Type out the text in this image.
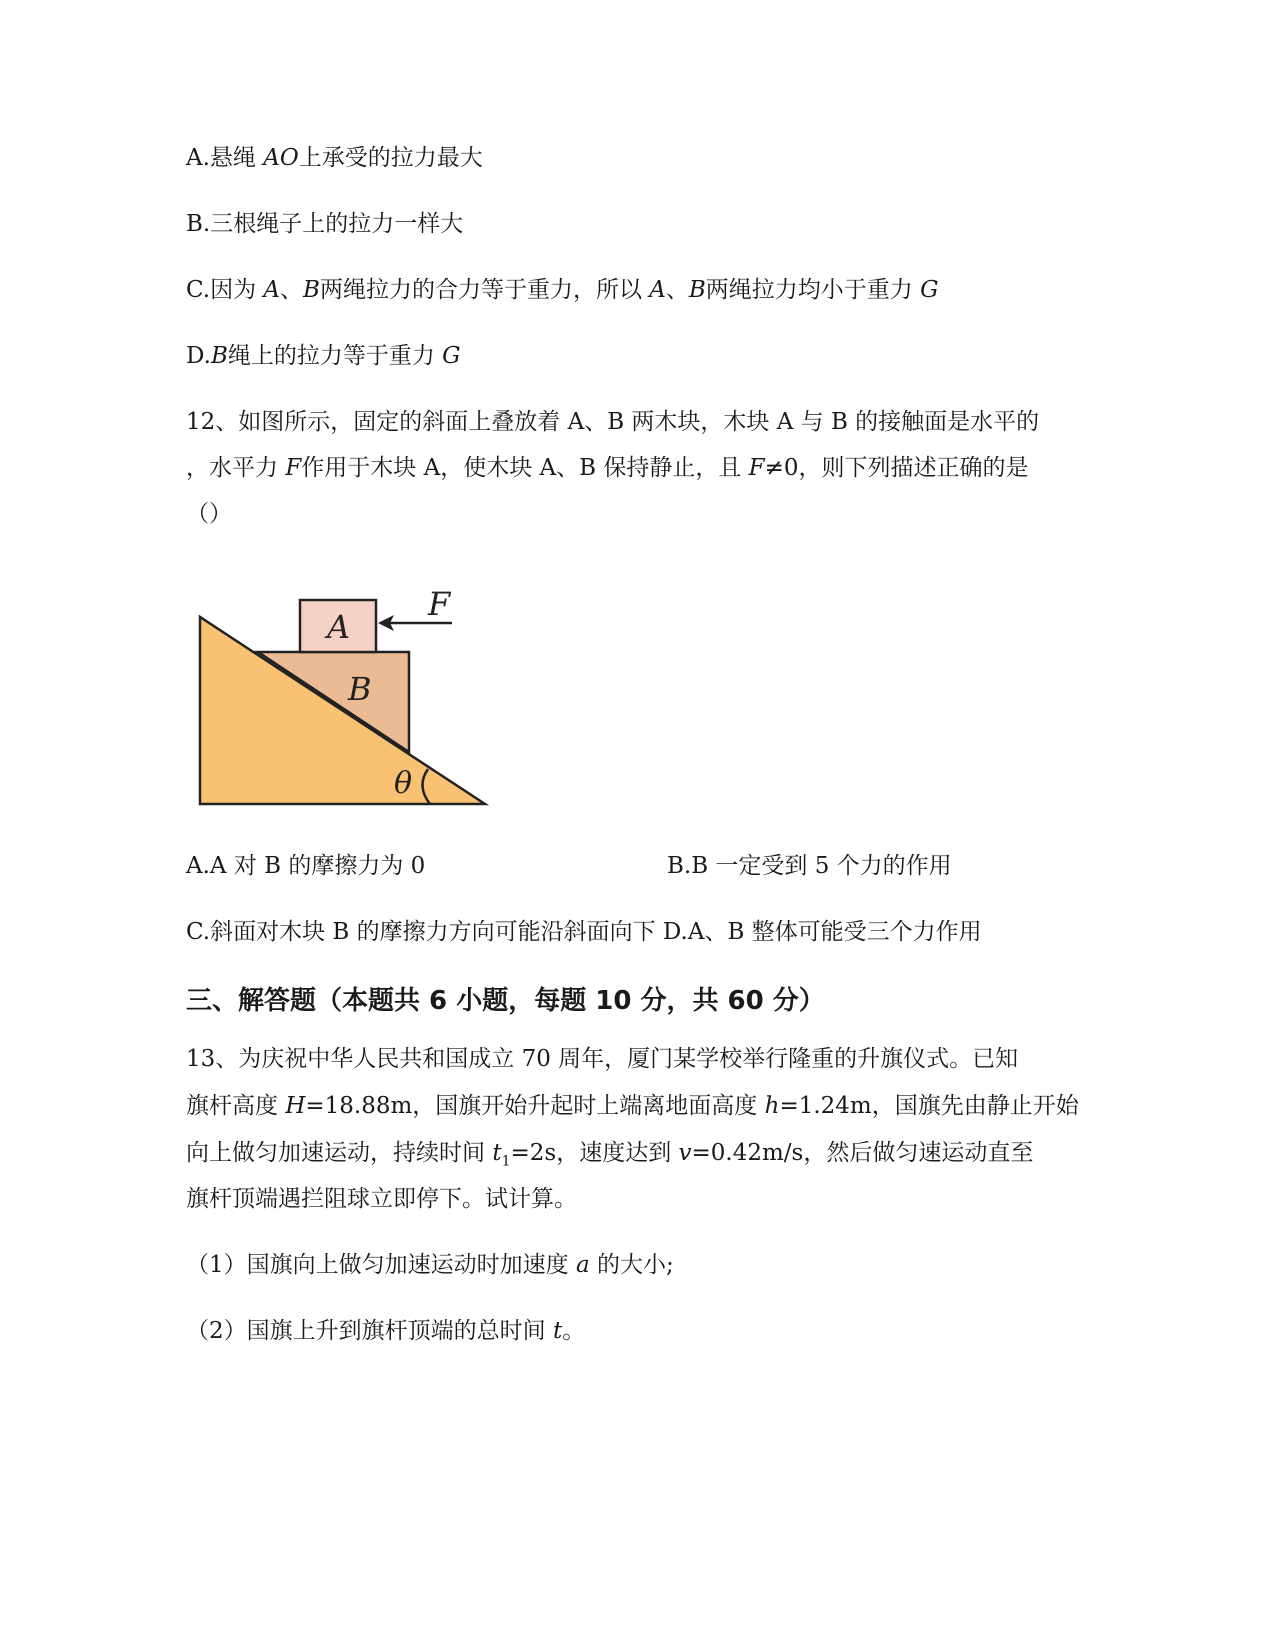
A.悬绳 AO上承受的拉力最大
B.三根绳子上的拉力一样大
C.因为 A、B两绳拉力的合力等于重力，所以 A、B两绳拉力均小于重力 G
D.B绳上的拉力等于重力 G
12、如图所示，固定的斜面上叠放着 A、B 两木块，木块 A 与 B 的接触面是水平的
，水平力 F作用于木块 A，使木块 A、B 保持静止，且 F≠0，则下列描述正确的是
（）
A
B
F
θ
A.A 对 B 的摩擦力为 0	B.B 一定受到 5 个力的作用
C.斜面对木块 B 的摩擦力方向可能沿斜面向下 D.A、B 整体可能受三个力作用
三、解答题（本题共 6 小题，每题 10 分，共 60 分）
13、为庆祝中华人民共和国成立 70 周年，厦门某学校举行隆重的升旗仪式。已知
旗杆高度 H=18.88m，国旗开始升起时上端离地面高度 h=1.24m，国旗先由静止开始
向上做匀加速运动，持续时间 $t_1=2s$，速度达到 v=0.42m/s，然后做匀速运动直至
旗杆顶端遇拦阻球立即停下。试计算。
（1）国旗向上做匀加速运动时加速度 a 的大小;
（2）国旗上升到旗杆顶端的总时间 t。
